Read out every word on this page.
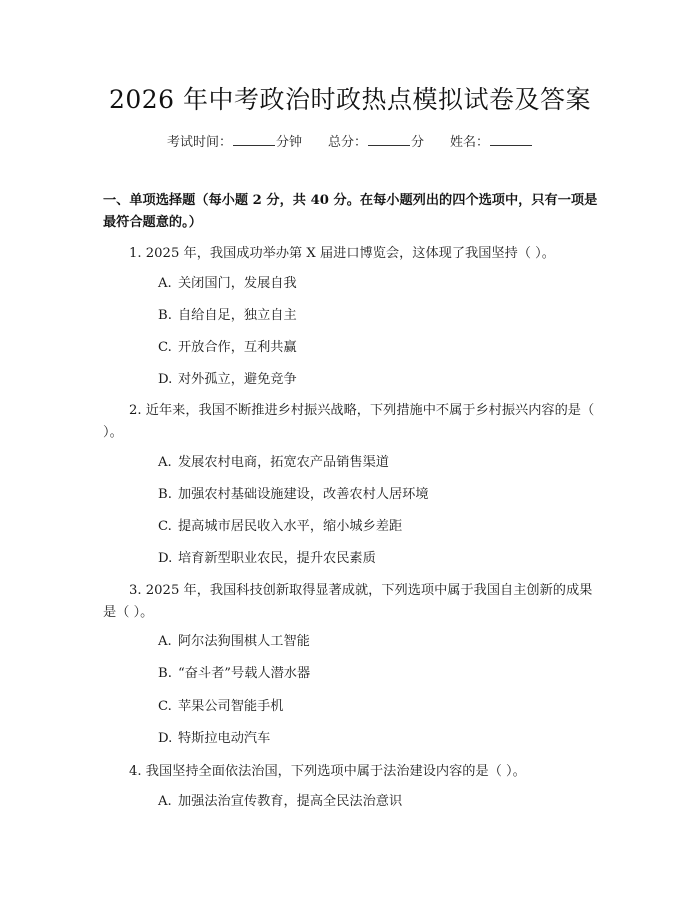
2026 年中考政治时政热点模拟试卷及答案
考试时间：	分钟 总分：	分 姓名：
一、单项选择题（每小题 2 分，共 40 分。在每小题列出的四个选项中，只有一项是最符合题意的。）
1. 2025 年，我国成功举办第 X 届进口博览会，这体现了我国坚持（ ）。
A. 关闭国门，发展自我
B. 自给自足，独立自主
C. 开放合作，互利共赢
D. 对外孤立，避免竞争
2. 近年来，我国不断推进乡村振兴战略，下列措施中不属于乡村振兴内容的是（ ）。
A. 发展农村电商，拓宽农产品销售渠道
B. 加强农村基础设施建设，改善农村人居环境
C. 提高城市居民收入水平，缩小城乡差距
D. 培育新型职业农民，提升农民素质
3. 2025 年，我国科技创新取得显著成就，下列选项中属于我国自主创新的成果是（ ）。
A. 阿尔法狗围棋人工智能
B. “奋斗者”号载人潜水器
C. 苹果公司智能手机
D. 特斯拉电动汽车
4. 我国坚持全面依法治国，下列选项中属于法治建设内容的是（ ）。
A. 加强法治宣传教育，提高全民法治意识
